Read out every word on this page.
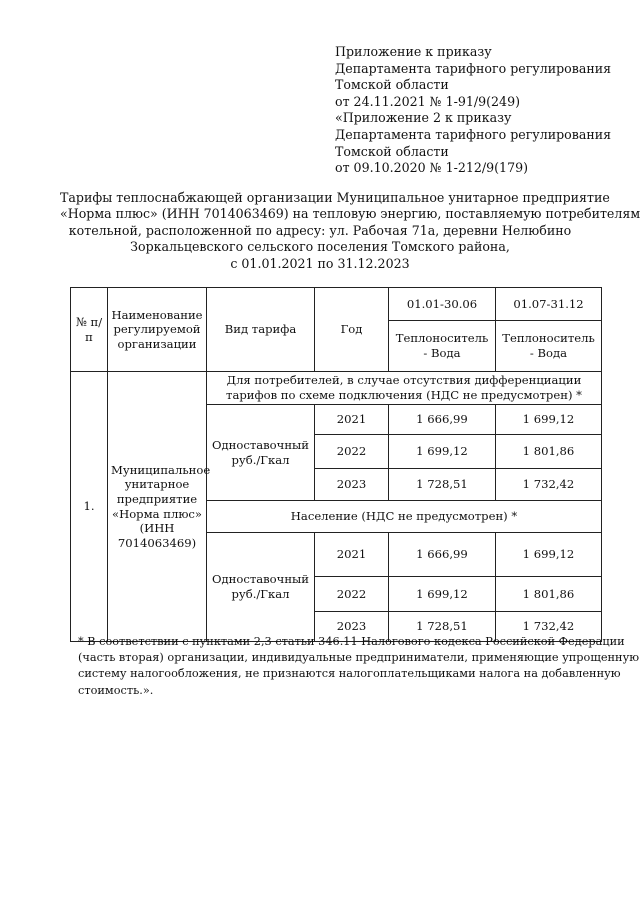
Приложение к приказу
Департамента тарифного регулирования
Томской области
от 24.11.2021 № 1-91/9(249)
«Приложение 2 к приказу
Департамента тарифного регулирования
Томской области
от 09.10.2020 № 1-212/9(179)
Тарифы теплоснабжающей организации Муниципальное унитарное предприятие
«Норма плюс» (ИНН 7014063469) на тепловую энергию, поставляемую потребителям
котельной, расположенной по адресу: ул. Рабочая 71а, деревни Нелюбино
Зоркальцевского сельского поселения Томского района,
с 01.01.2021 по 31.12.2023
№ п/п	Наименование регулируемой организации	Вид тарифа	Год	01.01-30.06	01.07-31.12
				Теплоноситель - Вода	Теплоноситель - Вода
1.	Муниципальное унитарное предприятие «Норма плюс» (ИНН 7014063469)	Для потребителей, в случае отсутствия дифференциации тарифов по схеме подключения (НДС не предусмотрен) *			
		Одноставочный руб./Гкал	2021	1 666,99	1 699,12
			2022	1 699,12	1 801,86
			2023	1 728,51	1 732,42
		Население (НДС не предусмотрен) *			
		Одноставочный руб./Гкал	2021	1 666,99	1 699,12
			2022	1 699,12	1 801,86
			2023	1 728,51	1 732,42
* В соответствии с пунктами 2,3 статьи 346.11 Налогового кодекса Российской Федерации
(часть вторая) организации, индивидуальные предприниматели, применяющие упрощенную
систему налогообложения, не признаются налогоплательщиками налога на добавленную
стоимость.».
